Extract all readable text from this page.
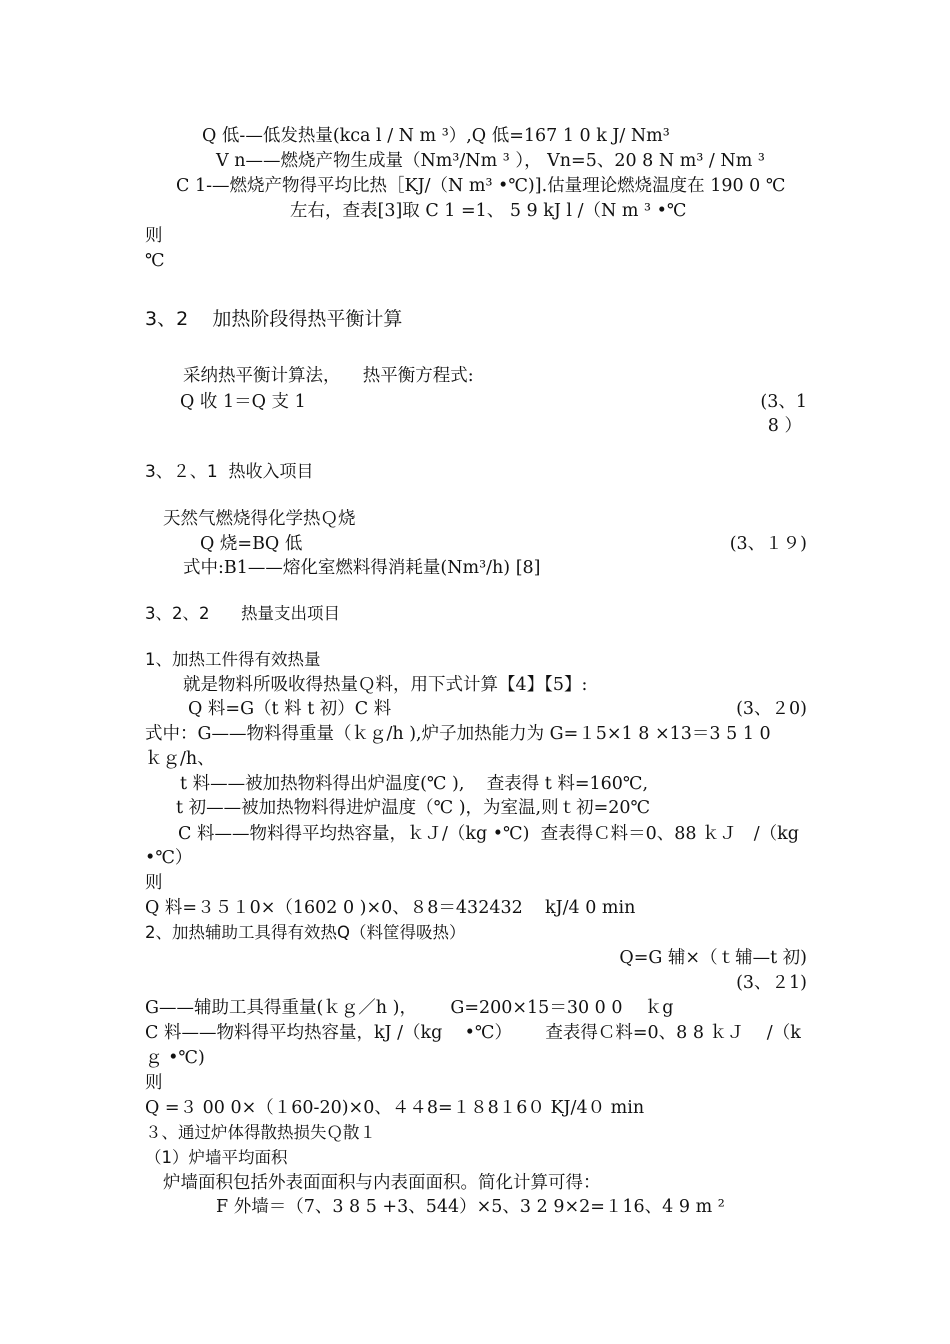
Q 低-—低发热量(kca l / N m ³）,Q 低=167 1 0 k J/ Nm³
V n——燃烧产物生成量（Nm³/Nm ³ ）， Vn=5、20 8 N m³ / Nm ³
C 1-—燃烧产物得平均比热［KJ/（N m³ •℃)].估量理论燃烧温度在 190 0 ℃
左右，查表[3]取 C 1 =1、 5 9 kJ l /（N m ³ •℃
则
℃
3、2    加热阶段得热平衡计算
采纳热平衡计算法，    热平衡方程式:
Q 收 1＝Q 支 1	(3、1
8 ）
3、２、1  热收入项目
天然气燃烧得化学热Ｑ烧
Q 烧=BQ 低	(3、１９)
式中:B1——熔化室燃料得消耗量(Nm³/h) [8]
3、2、2      热量支出项目
1、加热工件得有效热量
就是物料所吸收得热量Ｑ料，用下式计算【4】【5】:
Q 料=G（t 料 t 初）C 料	(3、２0)
式中：G——物料得重量（ｋｇ/h ),炉子加热能力为 G=１5×1 8 ×13＝3 5 1 0
ｋｇ/h、
t 料——被加热物料得出炉温度(℃ ),    查表得 t 料=160℃,
t 初——被加热物料得进炉温度（℃ )，为室温,则ｔ初=20℃
C 料——物料得平均热容量，ｋＪ/（kg •℃)  查表得Ｃ料＝0、88 ｋＪ   /（kg
•℃）
则
Q 料=３５１0×（1602 0 )×0、８8＝432432    kJ/4 0 min
2、加热辅助工具得有效热Q（料筐得吸热）
Q=G 辅×（ｔ辅—t 初)
(3、２1)
G——辅助工具得重量(ｋｇ／h )，      G=200×15＝30 0 0    ｋg
C 料——物料得平均热容量，kJ /（kg    •℃）      查表得Ｃ料=0、8 8 ｋＪ    /（k
ｇ •℃)
则
Q =３ 00 0×（１60-20)×0、４４8=１８8１6０ KJ/4０ min
３、通过炉体得散热损失Ｑ散１
（1）炉墙平均面积
炉墙面积包括外表面面积与内表面面积。简化计算可得：
F 外墙＝（7、3 8 5 +3、544）×5、3 2 9×2=１16、4 9 m ²
